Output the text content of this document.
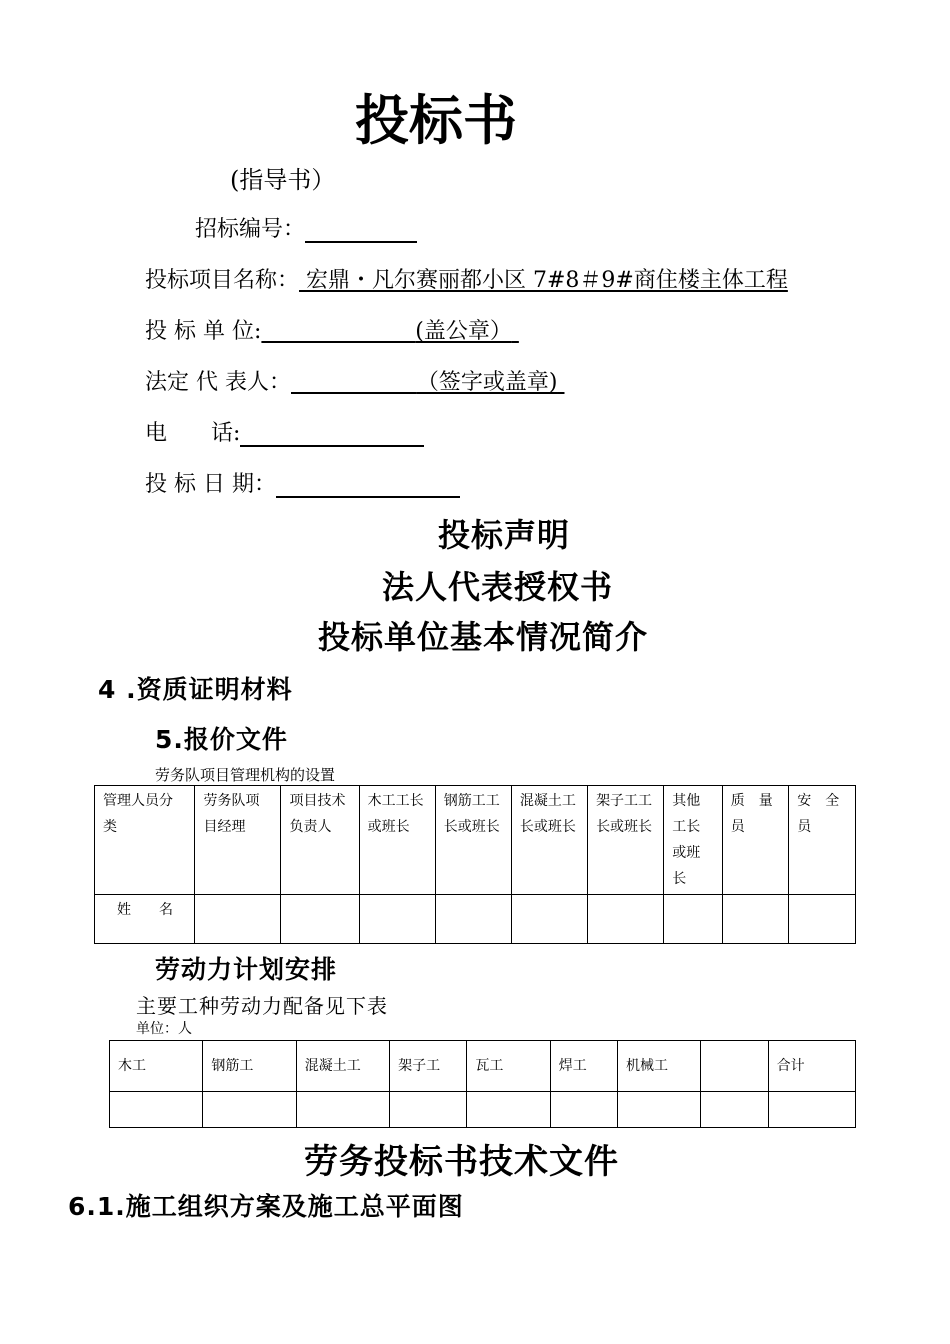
投标书
(指导书）
招标编号：
投标项目名称： 宏鼎・凡尔赛丽都小区 7#8＃9#商住楼主体工程
投 标 单 位:	(盖公章）
法定 代 表人：	（签字或盖章)
电　　话:
投 标 日 期：
投标声明
法人代表授权书
投标单位基本情况简介
4 .资质证明材料
5.报价文件
劳务队项目管理机构的设置
管理人员分类	劳务队项目经理	项目技术负责人	木工工长或班长	钢筋工工长或班长	混凝土工长或班长	架子工工长或班长	其他工长或班长	质　量员	安　全员
姓　　名									
劳动力计划安排
主要工种劳动力配备见下表
单位：人
木工	钢筋工	混凝土工	架子工	瓦工	焊工	机械工		合计

劳务投标书技术文件
6.1.施工组织方案及施工总平面图
